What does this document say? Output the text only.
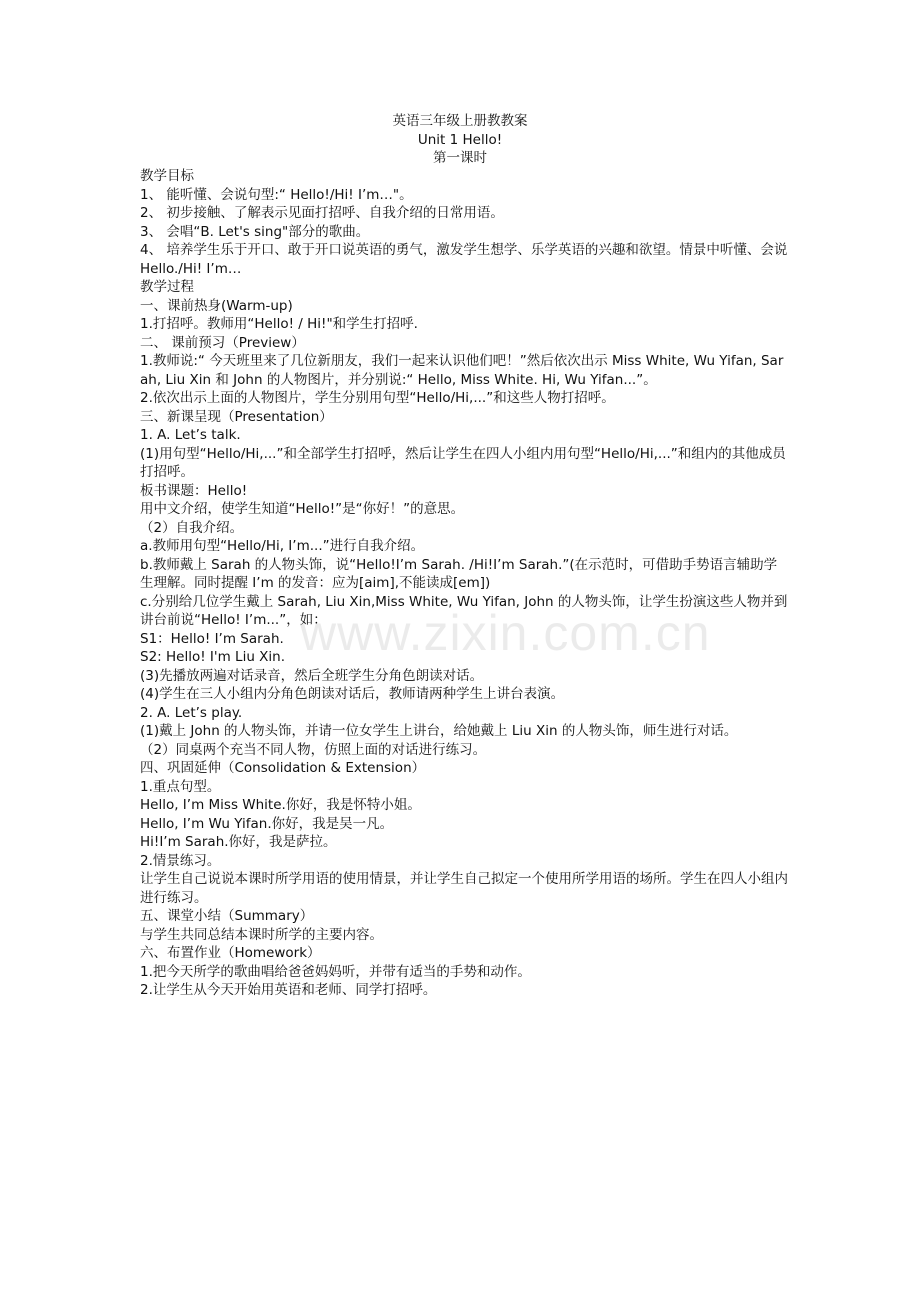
英语三年级上册教教案
Unit 1 Hello!
第一课时

教学目标

1、 能听懂、会说句型:“ Hello!/Hi! I’m…"。

2、 初步接触、了解表示见面打招呼、自我介绍的日常用语。

3、 会唱“B. Let's sing"部分的歌曲。

4、 培养学生乐于开口、敢于开口说英语的勇气，激发学生想学、乐学英语的兴趣和欲望。情景中听懂、会说 Hello./Hi! I’m…

教学过程

一、课前热身(Warm-up)

1.打招呼。教师用“Hello! / Hi!"和学生打招呼.

二、 课前预习（Preview）

1.教师说:“ 今天班里来了几位新朋友，我们一起来认识他们吧！”然后依次出示 Miss White, Wu Yifan, Sarah, Liu Xin 和 John 的人物图片，并分别说:“ Hello, Miss White. Hi, Wu Yifan...”。

2.依次出示上面的人物图片，学生分别用句型“Hello/Hi,...”和这些人物打招呼。

三、新课呈现（Presentation）

1. A. Let’s talk.

(1)用句型“Hello/Hi,...”和全部学生打招呼，然后让学生在四人小组内用句型“Hello/Hi,...”和组内的其他成员打招呼。

板书课题：Hello!

用中文介绍，使学生知道“Hello!”是“你好！”的意思。

（2）自我介绍。

a.教师用句型“Hello/Hi, I’m...”进行自我介绍。

b.教师戴上 Sarah 的人物头饰，说“Hello!I’m Sarah. /Hi!I’m Sarah.”(在示范时，可借助手势语言辅助学生理解。同时提醒 I’m 的发音：应为[aim],不能读成[em])

c.分别给几位学生戴上 Sarah, Liu Xin,Miss White, Wu Yifan, John 的人物头饰，让学生扮演这些人物并到讲台前说“Hello! I’m...”，如：

S1：Hello! I’m Sarah.

S2: Hello! I'm Liu Xin.

(3)先播放两遍对话录音，然后全班学生分角色朗读对话。

(4)学生在三人小组内分角色朗读对话后，教师请两种学生上讲台表演。

2. A. Let’s play.

(1)戴上 John 的人物头饰，并请一位女学生上讲台，给她戴上 Liu Xin 的人物头饰，师生进行对话。

（2）同桌两个充当不同人物，仿照上面的对话进行练习。

四、巩固延伸（Consolidation & Extension）

1.重点句型。

Hello, I’m Miss White.你好，我是怀特小姐。

Hello, I’m Wu Yifan.你好，我是吴一凡。

Hi!I’m Sarah.你好，我是萨拉。

2.情景练习。

让学生自己说说本课时所学用语的使用情景，并让学生自己拟定一个使用所学用语的场所。学生在四人小组内进行练习。

五、课堂小结（Summary）

与学生共同总结本课时所学的主要内容。

六、布置作业（Homework）

1.把今天所学的歌曲唱给爸爸妈妈听，并带有适当的手势和动作。

2.让学生从今天开始用英语和老师、同学打招呼。

www.zixin.com.cn
